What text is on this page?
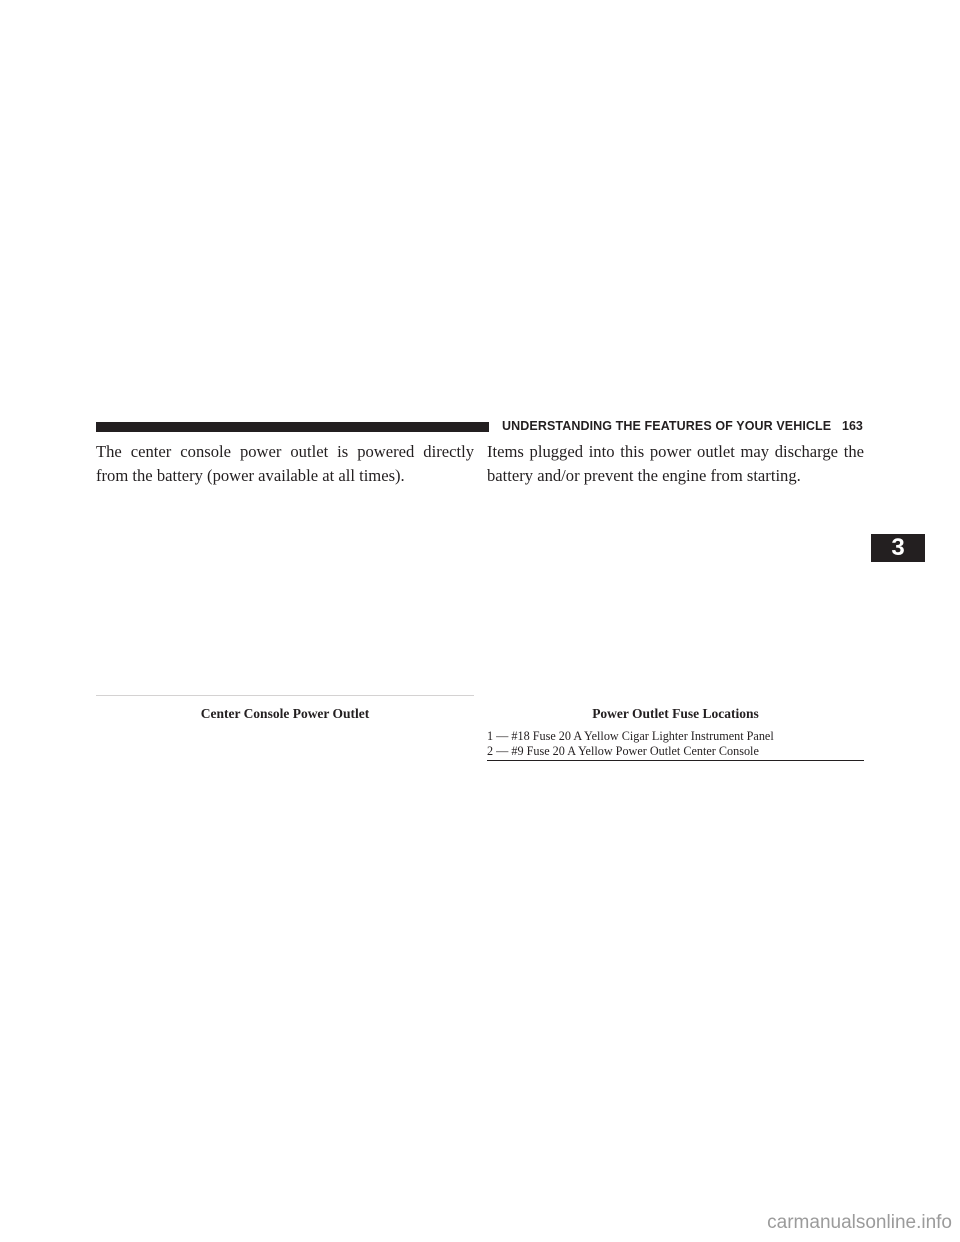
UNDERSTANDING THE FEATURES OF YOUR VEHICLE 163

The center console power outlet is powered directly from the battery (power available at all times).

Items plugged into this power outlet may discharge the battery and/or prevent the engine from starting.

Center Console Power Outlet	Power Outlet Fuse Locations
1 — #18 Fuse 20 A Yellow Cigar Lighter Instrument Panel
2 — #9 Fuse 20 A Yellow Power Outlet Center Console
3
carmanualsonline.info
